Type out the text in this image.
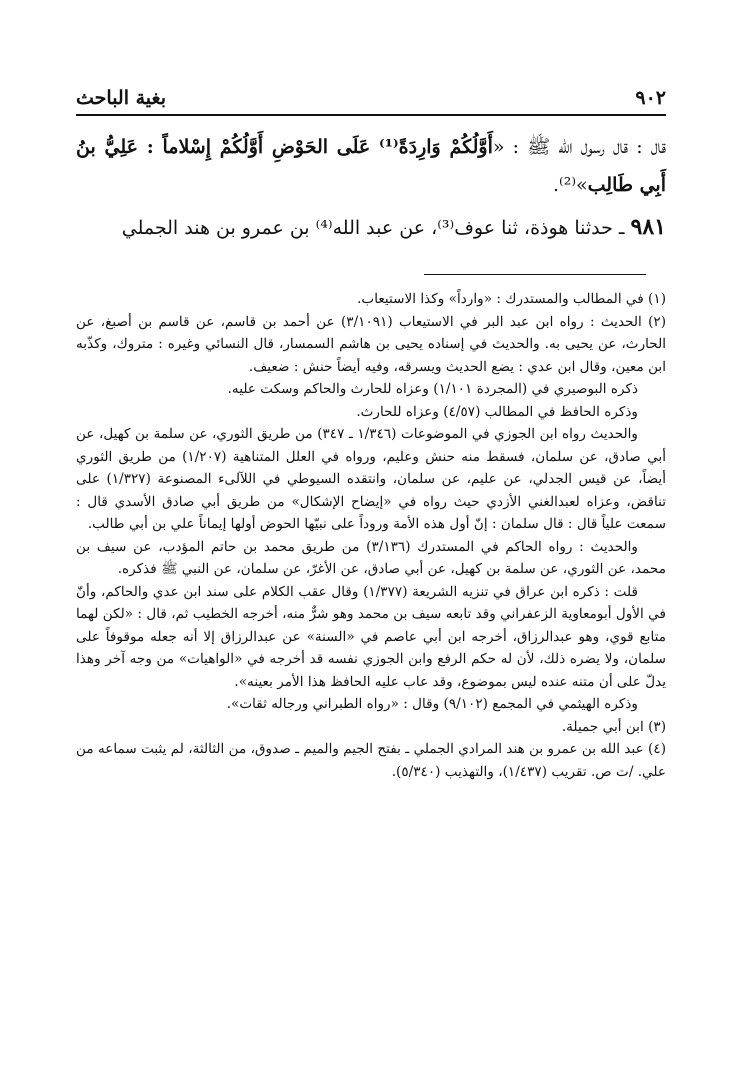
بغية الباحث	٩٠٢

قال : قال رسول الله ﷺ : «أَوَّلُكُمْ وَارِدَةً⁽¹⁾ عَلَى الحَوْضِ أَوَّلُكُمْ إِسْلاماً : عَلِيُّ بنُ أَبِي طَالِب»⁽²⁾.

٩٨١ ـ حدثنا هوذة، ثنا عوف⁽³⁾، عن عبد الله⁽⁴⁾ بن عمرو بن هند الجملي

(١) في المطالب والمستدرك : «وارداً» وكذا الاستيعاب.

(٢) الحديث : رواه ابن عبد البر في الاستيعاب (٣/١٠٩١) عن أحمد بن قاسم، عن قاسم بن أصبغ، عن الحارث، عن يحيى به. والحديث في إسناده يحيى بن هاشم السمسار، قال النسائي وغيره : متروك، وكذّبه ابن معين، وقال ابن عدي : يضع الحديث ويسرقه، وفيه أيضاً حنش : ضعيف.

ذكره البوصيري في (المجردة ١/١٠١) وعزاه للحارث والحاكم وسكت عليه.

وذكره الحافظ في المطالب (٤/٥٧) وعزاه للحارث.

والحديث رواه ابن الجوزي في الموضوعات (١/٣٤٦ ـ ٣٤٧) من طريق الثوري، عن سلمة بن كهيل، عن أبي صادق، عن سلمان، فسقط منه حنش وعليم، ورواه في العلل المتناهية (١/٢٠٧) من طريق الثوري أيضاً، عن قيس الجدلي، عن عليم، عن سلمان، وانتقده السيوطي في اللآلىء المصنوعة (١/٣٢٧) على تناقض، وعزاه لعبدالغني الأزدي حيث رواه في «إيضاح الإشكال» من طريق أبي صادق الأسدي قال : سمعت علياً قال : قال سلمان : إنّ أول هذه الأمة وروداً على نبيّها الحوض أولها إيماناً علي بن أبي طالب.

والحديث : رواه الحاكم في المستدرك (٣/١٣٦) من طريق محمد بن حاتم المؤدب، عن سيف بن محمد، عن الثوري، عن سلمة بن كهيل، عن أبي صادق، عن الأغرّ، عن سلمان، عن النبي ﷺ فذكره.

قلت : ذكره ابن عراق في تنزيه الشريعة (١/٣٧٧) وقال عقب الكلام على سند ابن عدي والحاكم، وأنّ في الأول أبومعاوية الزعفراني وقد تابعه سيف بن محمد وهو شرٌّ منه، أخرجه الخطيب ثم، قال : «لكن لهما متابع قوي، وهو عبدالرزاق، أخرجه ابن أبي عاصم في «السنة» عن عبدالرزاق إلا أنه جعله موقوفاً على سلمان، ولا يضره ذلك، لأن له حكم الرفع وابن الجوزي نفسه قد أخرجه في «الواهيات» من وجه آخر وهذا يدلّ على أن متنه عنده ليس بموضوع، وقد عاب عليه الحافظ هذا الأمر بعينه».

وذكره الهيثمي في المجمع (٩/١٠٢) وقال : «رواه الطبراني ورجاله ثقات».

(٣) ابن أبي جميلة.

(٤) عبد الله بن عمرو بن هند المرادي الجملي ـ بفتح الجيم والميم ـ صدوق، من الثالثة، لم يثبت سماعه من علي. /ت ص. تقريب (١/٤٣٧)، والتهذيب (٥/٣٤٠).
